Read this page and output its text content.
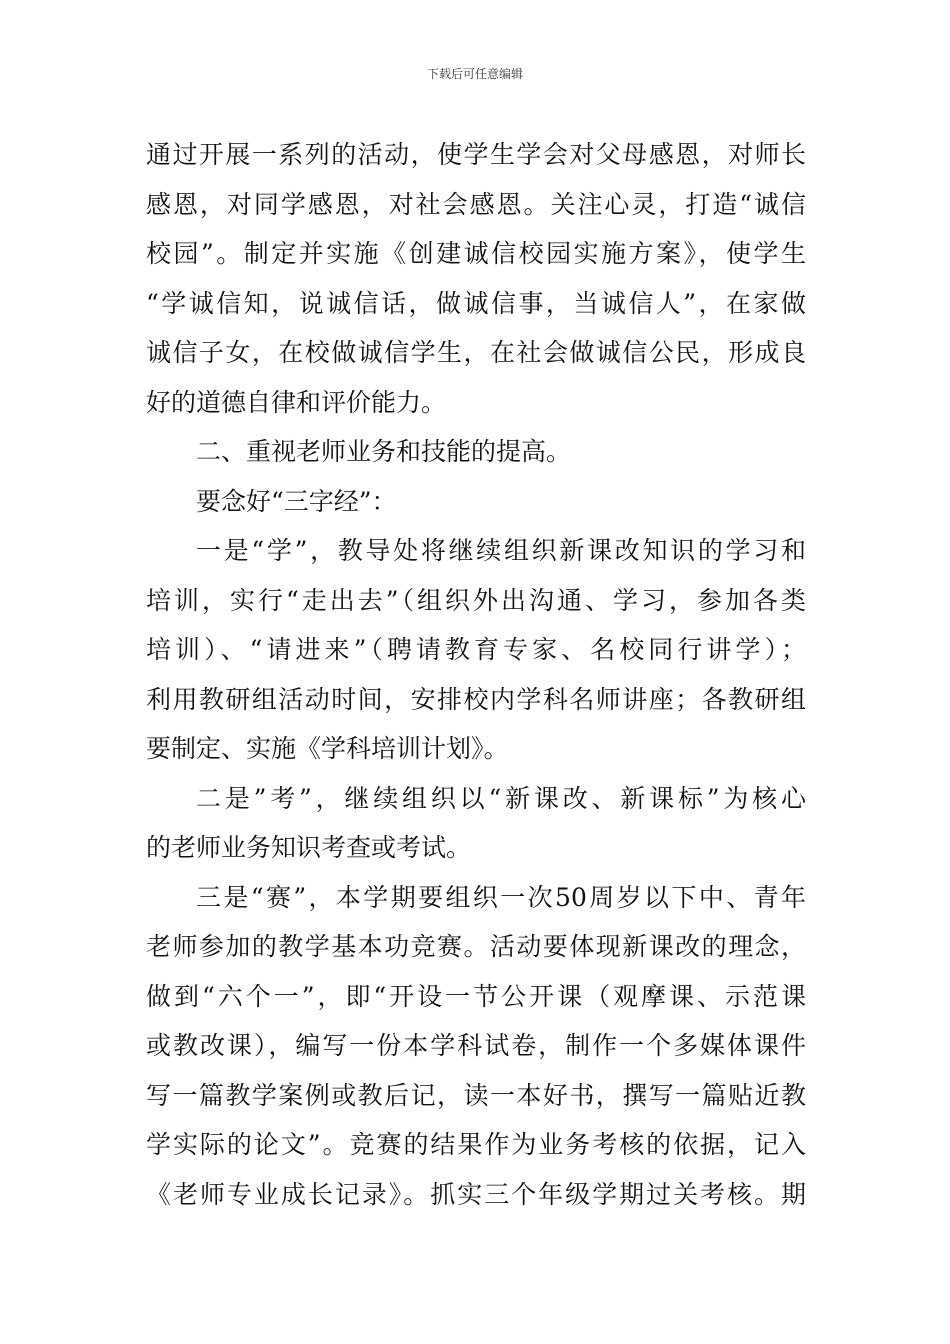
下载后可任意编辑
通过开展一系列的活动，使学生学会对父母感恩，对师长
感恩，对同学感恩，对社会感恩。关注心灵，打造“诚信
校园”。制定并实施《创建诚信校园实施方案》，使学生
“学诚信知，说诚信话，做诚信事，当诚信人”，在家做
诚信子女，在校做诚信学生，在社会做诚信公民，形成良
好的道德自律和评价能力。
二、重视老师业务和技能的提高。
要念好“三字经”：
一是“学”，教导处将继续组织新课改知识的学习和
培训，实行“走出去”（组织外出沟通、学习，参加各类
培训）、“请进来”（聘请教育专家、名校同行讲学）；
利用教研组活动时间，安排校内学科名师讲座；各教研组
要制定、实施《学科培训计划》。
二是”考”，继续组织以“新课改、新课标”为核心
的老师业务知识考查或考试。
三是“赛”，本学期要组织一次50周岁以下中、青年
老师参加的教学基本功竞赛。活动要体现新课改的理念，
做到“六个一”，即“开设一节公开课（观摩课、示范课
或教改课），编写一份本学科试卷，制作一个多媒体课件
写一篇教学案例或教后记，读一本好书，撰写一篇贴近教
学实际的论文”。竞赛的结果作为业务考核的依据，记入
《老师专业成长记录》。抓实三个年级学期过关考核。期
